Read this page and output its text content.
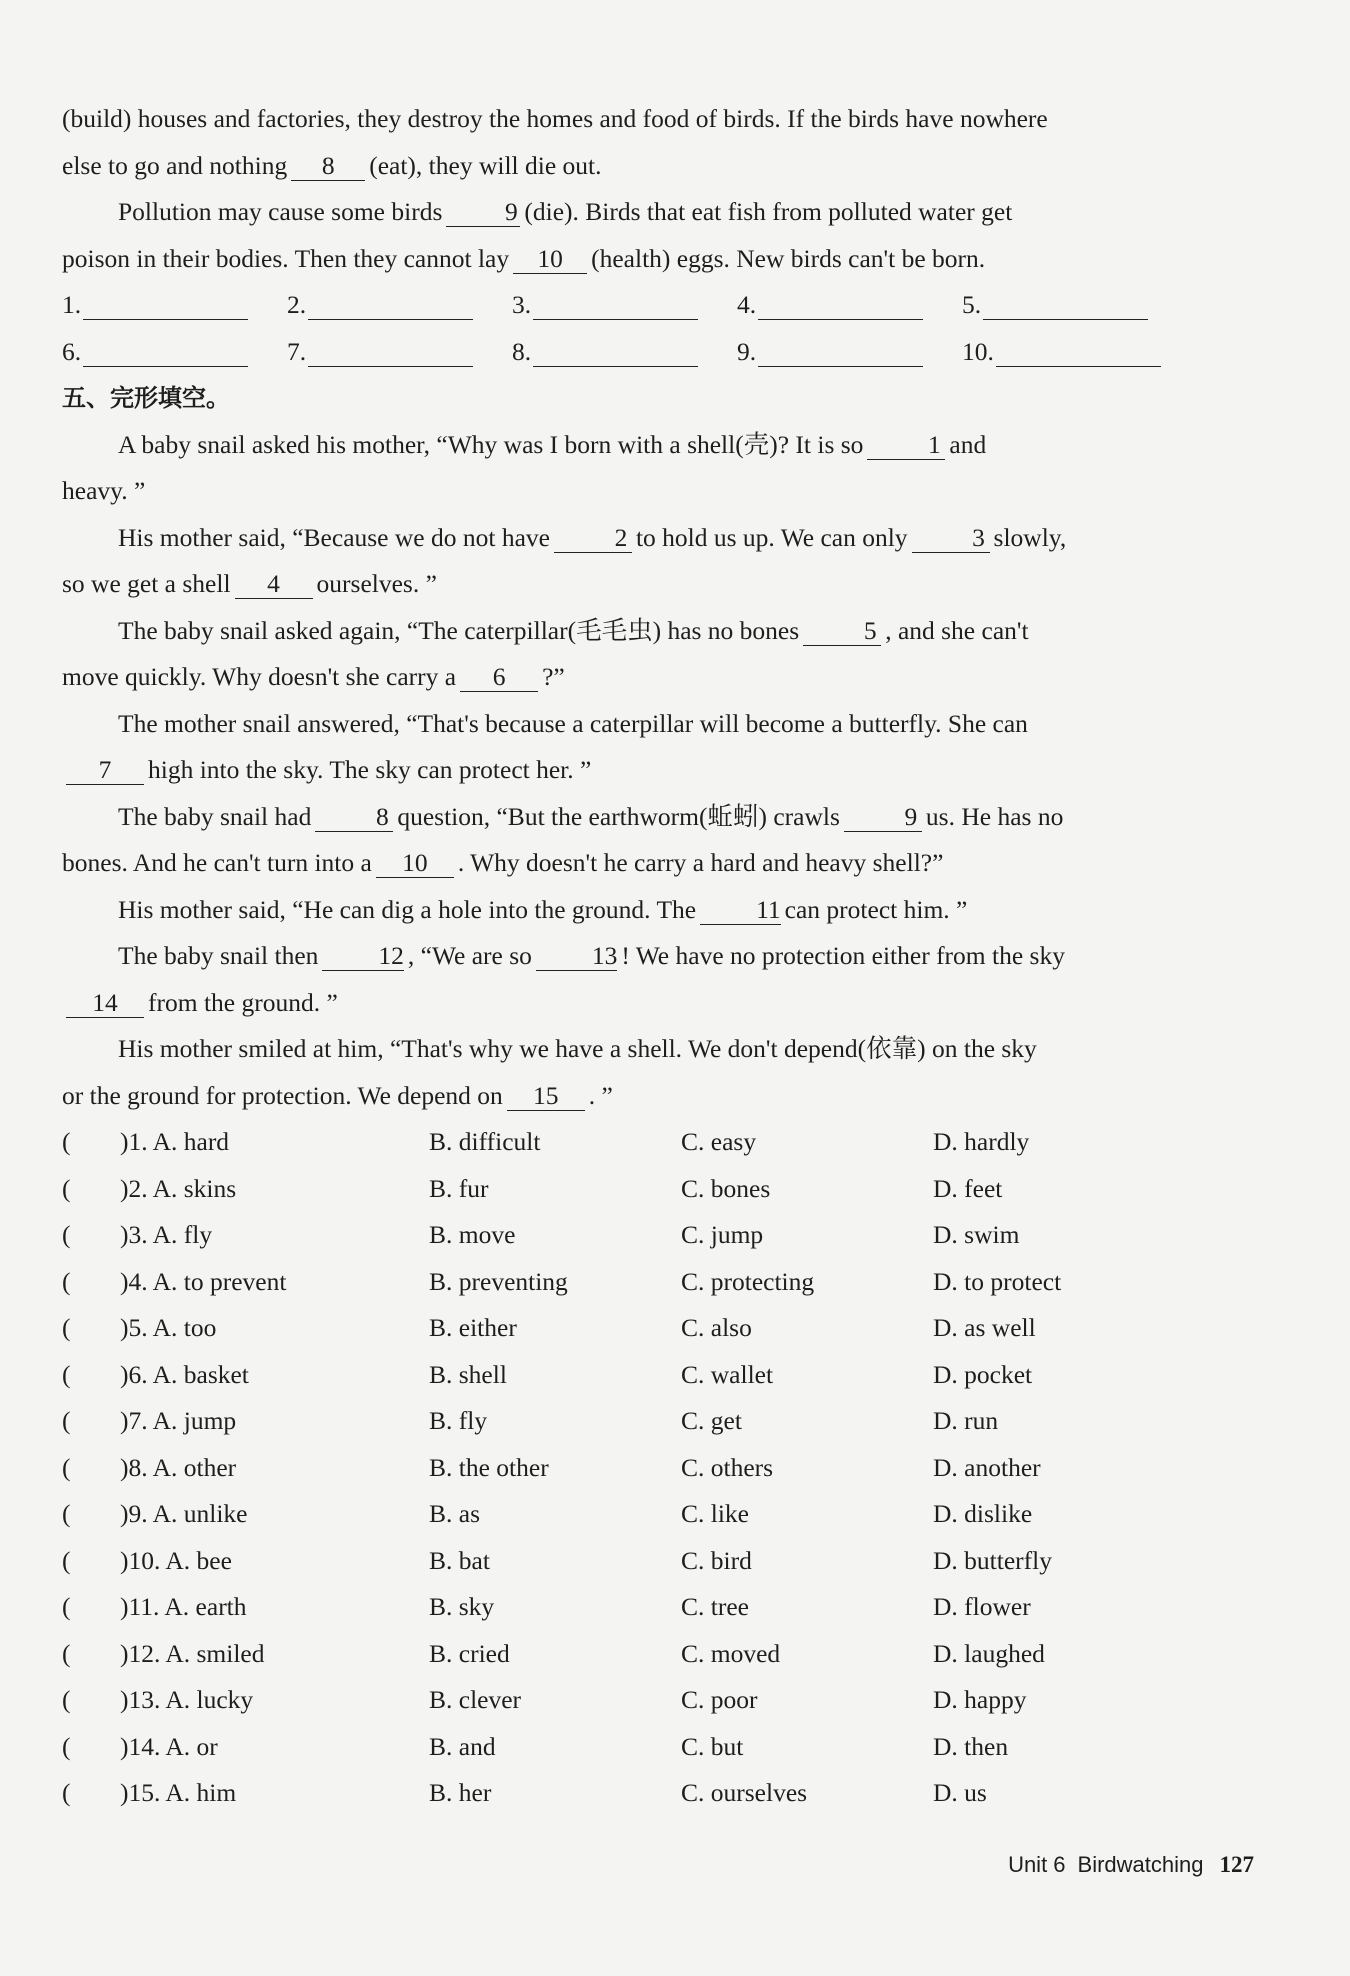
(build) houses and factories, they destroy the homes and food of birds. If the birds have nowhere

else to go and nothing 8 (eat), they will die out.

Pollution may cause some birds 9 (die). Birds that eat fish from polluted water get

poison in their bodies. Then they cannot lay 10 (health) eggs. New birds can't be born.

1.	2.	3.	4.	5.
6.	7.	8.	9.	10.

五、完形填空。

A baby snail asked his mother, “Why was I born with a shell(壳)? It is so	1 and

heavy. ”

His mother said, “Because we do not have	2 to hold us up. We can only	3 slowly,

so we get a shell 4 ourselves. ”

The baby snail asked again, “The caterpillar(毛毛虫) has no bones	5 , and she can't

move quickly. Why doesn't she carry a 6 ?”

The mother snail answered, “That's because a caterpillar will become a butterfly. She can

7 high into the sky. The sky can protect her. ”

The baby snail had	8 question, “But the earthworm(蚯蚓) crawls	9 us. He has no

bones. And he can't turn into a 10 . Why doesn't he carry a hard and heavy shell?”

His mother said, “He can dig a hole into the ground. The 11 can protect him. ”

The baby snail then 12 , “We are so 13 ! We have no protection either from the sky

14 from the ground. ”

His mother smiled at him, “That's why we have a shell. We don't depend(依靠) on the sky

or the ground for protection. We depend on 15 . ”

( )1. A. hard	B. difficult	C. easy	D. hardly
( )2. A. skins	B. fur	C. bones	D. feet
( )3. A. fly	B. move	C. jump	D. swim
( )4. A. to prevent	B. preventing	C. protecting	D. to protect
( )5. A. too	B. either	C. also	D. as well
( )6. A. basket	B. shell	C. wallet	D. pocket
( )7. A. jump	B. fly	C. get	D. run
( )8. A. other	B. the other	C. others	D. another
( )9. A. unlike	B. as	C. like	D. dislike
( )10. A. bee	B. bat	C. bird	D. butterfly
( )11. A. earth	B. sky	C. tree	D. flower
( )12. A. smiled	B. cried	C. moved	D. laughed
( )13. A. lucky	B. clever	C. poor	D. happy
( )14. A. or	B. and	C. but	D. then
( )15. A. him	B. her	C. ourselves	D. us
Unit 6 Birdwatching 127
